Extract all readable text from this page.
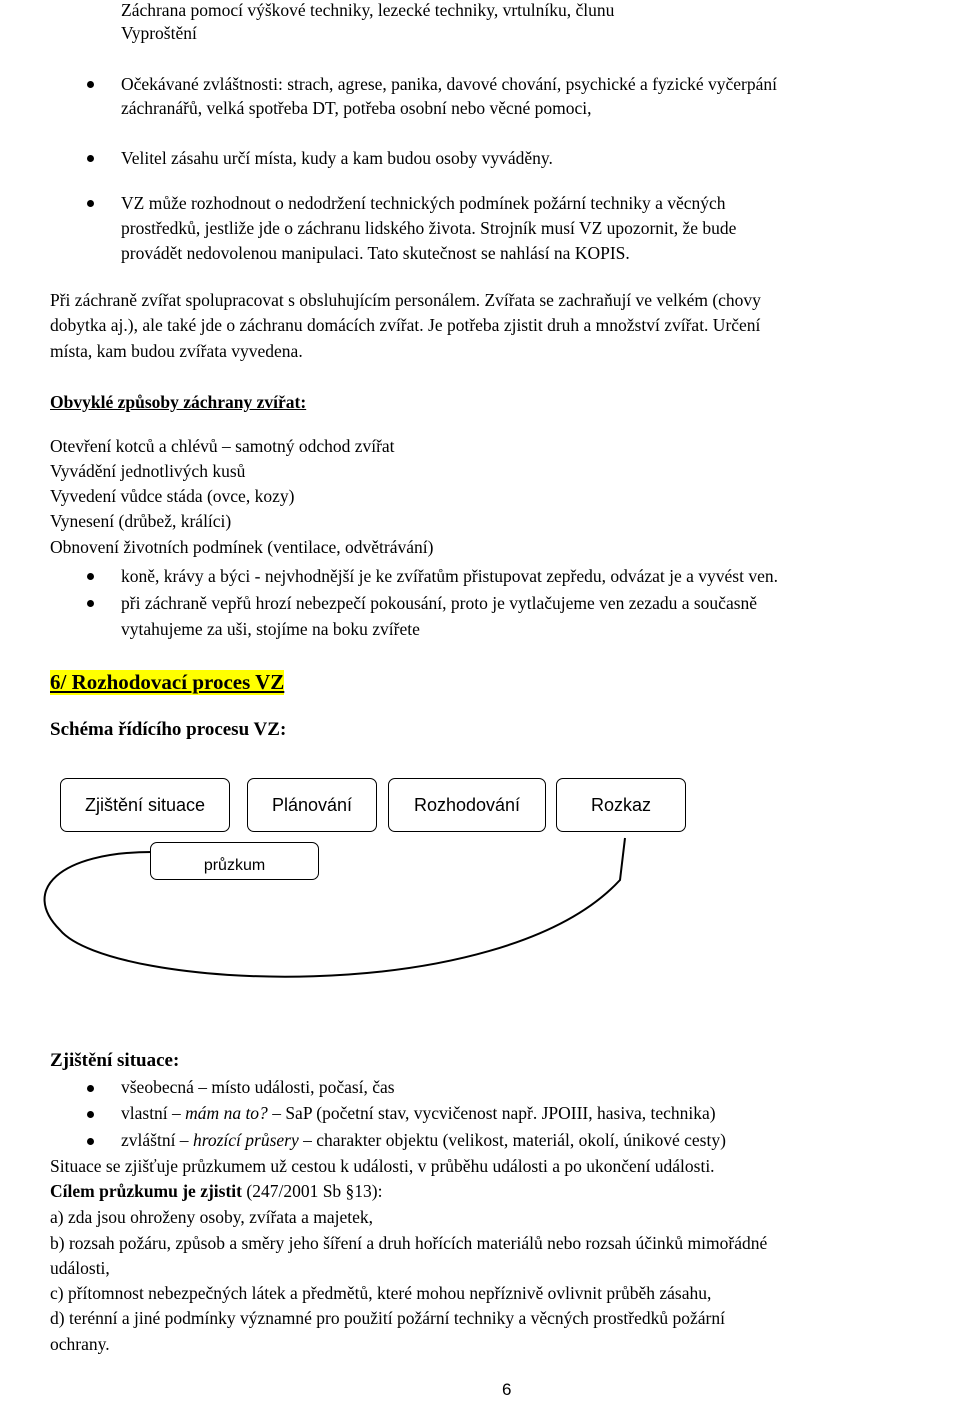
Záchrana pomocí výškové techniky, lezecké techniky, vrtulníku, člunu
Vyproštění
Očekávané zvláštnosti: strach, agrese, panika, davové chování, psychické a fyzické vyčerpání
záchranářů, velká spotřeba DT, potřeba osobní nebo věcné pomoci,
Velitel zásahu určí místa, kudy a kam budou osoby vyváděny.
VZ může rozhodnout o nedodržení technických podmínek požární techniky a věcných
prostředků, jestliže jde o záchranu lidského života. Strojník musí VZ upozornit, že bude
provádět nedovolenou manipulaci. Tato skutečnost se nahlásí na KOPIS.
Při záchraně zvířat spolupracovat s obsluhujícím personálem. Zvířata se zachraňují ve velkém (chovy
dobytka aj.), ale také jde o záchranu domácích zvířat. Je potřeba zjistit druh a množství zvířat. Určení
místa, kam budou zvířata vyvedena.
Obvyklé způsoby záchrany zvířat:
Otevření kotců a chlévů – samotný odchod zvířat
Vyvádění jednotlivých kusů
Vyvedení vůdce stáda (ovce, kozy)
Vynesení (drůbež, králíci)
Obnovení životních podmínek (ventilace, odvětrávání)
koně, krávy a býci - nejvhodnější je ke zvířatům přistupovat zepředu, odvázat je a vyvést ven.
při záchraně vepřů hrozí nebezpečí pokousání, proto je vytlačujeme ven zezadu a současně
vytahujeme za uši, stojíme na boku zvířete
6/ Rozhodovací proces VZ
Schéma řídícího procesu VZ:
Zjištění situace	Plánování	Rozhodování	Rozkaz
průzkum
Zjištění situace:
všeobecná – místo události, počasí, čas
vlastní – mám na to? – SaP (početní stav, vycvičenost např. JPOIII, hasiva, technika)
zvláštní – hrozící průsery – charakter objektu (velikost, materiál, okolí, únikové cesty)
Situace se zjišťuje průzkumem už cestou k události, v průběhu události a po ukončení události.
Cílem průzkumu je zjistit (247/2001 Sb §13):
a) zda jsou ohroženy osoby, zvířata a majetek,
b) rozsah požáru, způsob a směry jeho šíření a druh hořících materiálů nebo rozsah účinků mimořádné
události,
c) přítomnost nebezpečných látek a předmětů, které mohou nepříznivě ovlivnit průběh zásahu,
d) terénní a jiné podmínky významné pro použití požární techniky a věcných prostředků požární
ochrany.
6
